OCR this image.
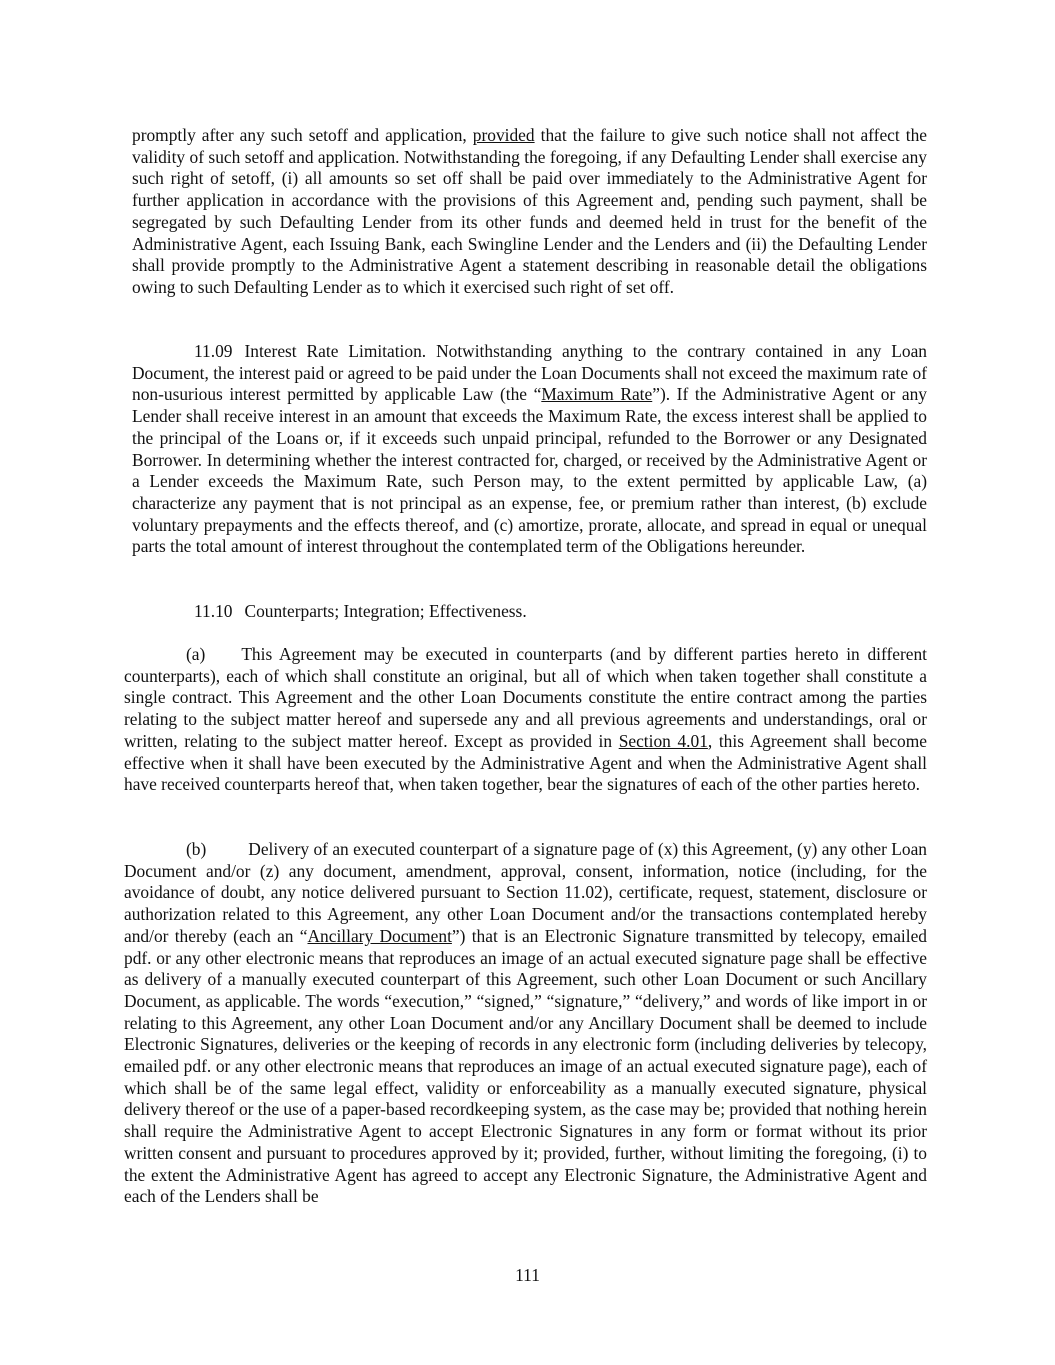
promptly after any such setoff and application, provided that the failure to give such notice shall not affect the validity of such setoff and application. Notwithstanding the foregoing, if any Defaulting Lender shall exercise any such right of setoff, (i) all amounts so set off shall be paid over immediately to the Administrative Agent for further application in accordance with the provisions of this Agreement and, pending such payment, shall be segregated by such Defaulting Lender from its other funds and deemed held in trust for the benefit of the Administrative Agent, each Issuing Bank, each Swingline Lender and the Lenders and (ii) the Defaulting Lender shall provide promptly to the Administrative Agent a statement describing in reasonable detail the obligations owing to such Defaulting Lender as to which it exercised such right of set off.

11.09 Interest Rate Limitation. Notwithstanding anything to the contrary contained in any Loan Document, the interest paid or agreed to be paid under the Loan Documents shall not exceed the maximum rate of non-usurious interest permitted by applicable Law (the “Maximum Rate”). If the Administrative Agent or any Lender shall receive interest in an amount that exceeds the Maximum Rate, the excess interest shall be applied to the principal of the Loans or, if it exceeds such unpaid principal, refunded to the Borrower or any Designated Borrower. In determining whether the interest contracted for, charged, or received by the Administrative Agent or a Lender exceeds the Maximum Rate, such Person may, to the extent permitted by applicable Law, (a) characterize any payment that is not principal as an expense, fee, or premium rather than interest, (b) exclude voluntary prepayments and the effects thereof, and (c) amortize, prorate, allocate, and spread in equal or unequal parts the total amount of interest throughout the contemplated term of the Obligations hereunder.

11.10 Counterparts; Integration; Effectiveness.

(a) This Agreement may be executed in counterparts (and by different parties hereto in different counterparts), each of which shall constitute an original, but all of which when taken together shall constitute a single contract. This Agreement and the other Loan Documents constitute the entire contract among the parties relating to the subject matter hereof and supersede any and all previous agreements and understandings, oral or written, relating to the subject matter hereof. Except as provided in Section 4.01, this Agreement shall become effective when it shall have been executed by the Administrative Agent and when the Administrative Agent shall have received counterparts hereof that, when taken together, bear the signatures of each of the other parties hereto.

(b) Delivery of an executed counterpart of a signature page of (x) this Agreement, (y) any other Loan Document and/or (z) any document, amendment, approval, consent, information, notice (including, for the avoidance of doubt, any notice delivered pursuant to Section 11.02), certificate, request, statement, disclosure or authorization related to this Agreement, any other Loan Document and/or the transactions contemplated hereby and/or thereby (each an “Ancillary Document”) that is an Electronic Signature transmitted by telecopy, emailed pdf. or any other electronic means that reproduces an image of an actual executed signature page shall be effective as delivery of a manually executed counterpart of this Agreement, such other Loan Document or such Ancillary Document, as applicable. The words “execution,” “signed,” “signature,” “delivery,” and words of like import in or relating to this Agreement, any other Loan Document and/or any Ancillary Document shall be deemed to include Electronic Signatures, deliveries or the keeping of records in any electronic form (including deliveries by telecopy, emailed pdf. or any other electronic means that reproduces an image of an actual executed signature page), each of which shall be of the same legal effect, validity or enforceability as a manually executed signature, physical delivery thereof or the use of a paper-based recordkeeping system, as the case may be; provided that nothing herein shall require the Administrative Agent to accept Electronic Signatures in any form or format without its prior written consent and pursuant to procedures approved by it; provided, further, without limiting the foregoing, (i) to the extent the Administrative Agent has agreed to accept any Electronic Signature, the Administrative Agent and each of the Lenders shall be

111
